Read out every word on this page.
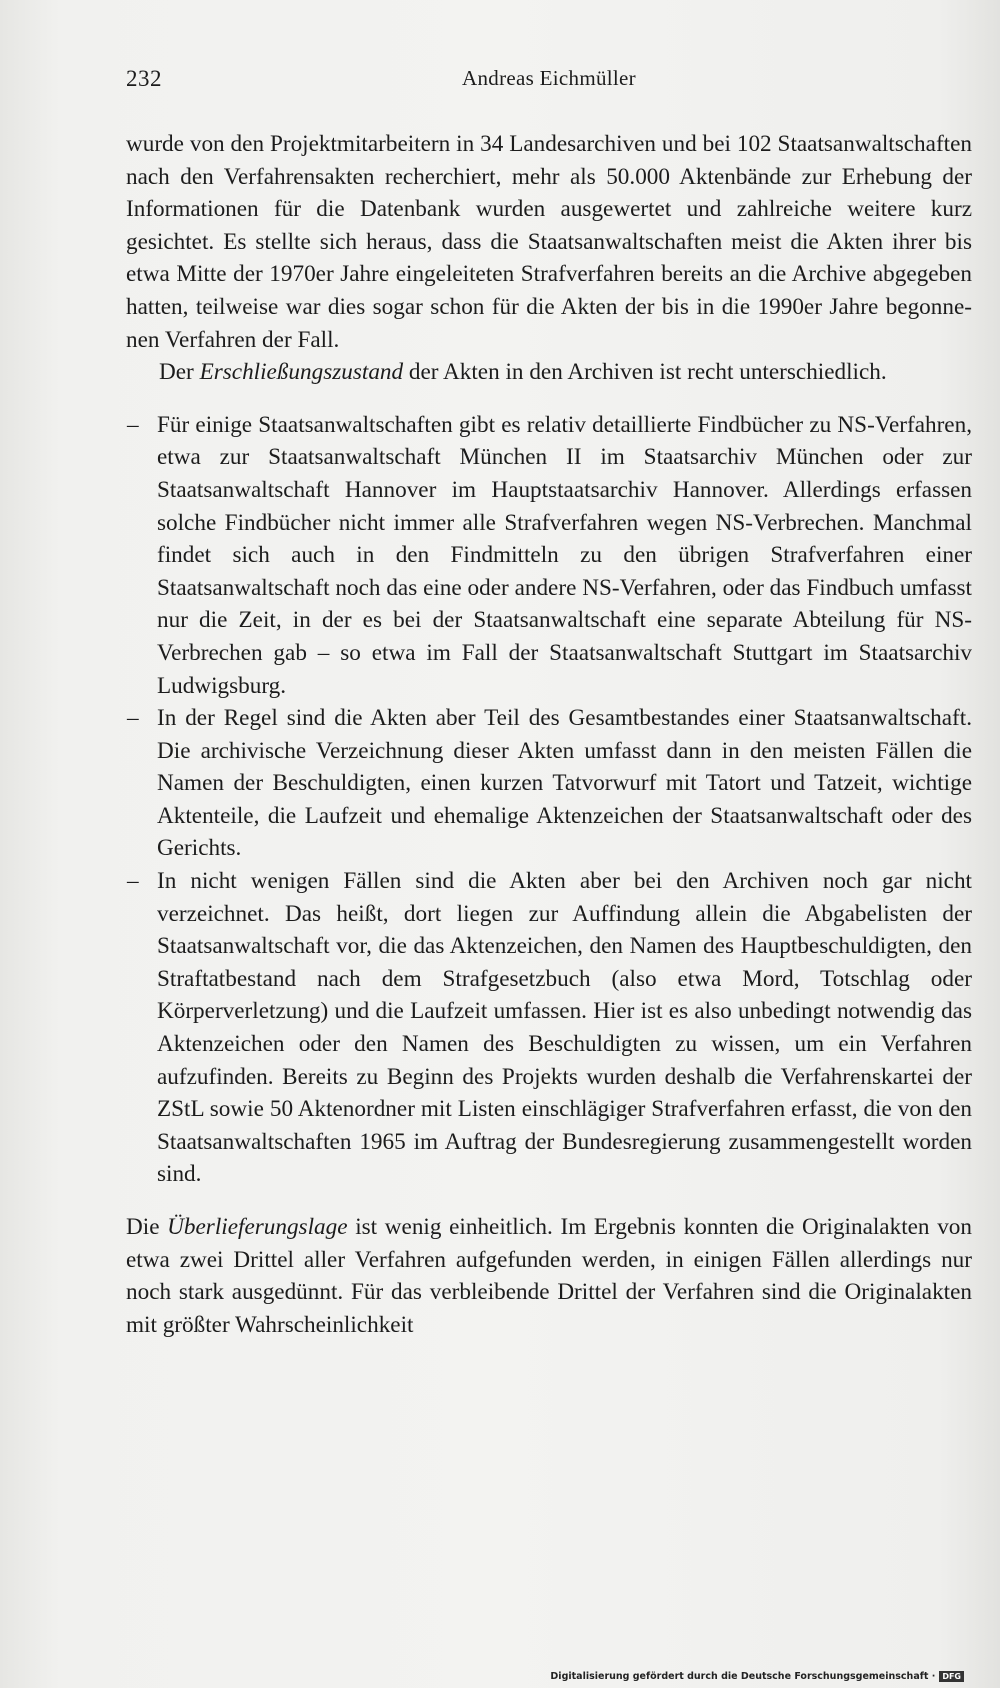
232	Andreas Eichmüller

wurde von den Projektmitarbeitern in 34 Landesarchiven und bei 102 Staatsanwaltschaften nach den Verfahrensakten recherchiert, mehr als 50.000 Aktenbände zur Erhebung der Informationen für die Datenbank wurden ausgewertet und zahlreiche weitere kurz gesichtet. Es stellte sich heraus, dass die Staatsanwaltschaften meist die Akten ihrer bis etwa Mitte der 1970er Jahre eingeleiteten Strafverfahren bereits an die Archive abgegeben hatten, teilweise war dies sogar schon für die Akten der bis in die 1990er Jahre begonnenen Verfahren der Fall.

Der Erschließungszustand der Akten in den Archiven ist recht unterschiedlich.

– Für einige Staatsanwaltschaften gibt es relativ detaillierte Findbücher zu NS-Verfahren, etwa zur Staatsanwaltschaft München II im Staatsarchiv München oder zur Staatsanwaltschaft Hannover im Hauptstaatsarchiv Hannover. Allerdings erfassen solche Findbücher nicht immer alle Strafverfahren wegen NS-Verbrechen. Manchmal findet sich auch in den Findmitteln zu den übrigen Strafverfahren einer Staatsanwaltschaft noch das eine oder andere NS-Verfahren, oder das Findbuch umfasst nur die Zeit, in der es bei der Staatsanwaltschaft eine separate Abteilung für NS-Verbrechen gab – so etwa im Fall der Staatsanwaltschaft Stuttgart im Staatsarchiv Ludwigsburg.
– In der Regel sind die Akten aber Teil des Gesamtbestandes einer Staatsanwaltschaft. Die archivische Verzeichnung dieser Akten umfasst dann in den meisten Fällen die Namen der Beschuldigten, einen kurzen Tatvorwurf mit Tatort und Tatzeit, wichtige Aktenteile, die Laufzeit und ehemalige Aktenzeichen der Staatsanwaltschaft oder des Gerichts.
– In nicht wenigen Fällen sind die Akten aber bei den Archiven noch gar nicht verzeichnet. Das heißt, dort liegen zur Auffindung allein die Abgabelisten der Staatsanwaltschaft vor, die das Aktenzeichen, den Namen des Hauptbeschuldigten, den Straftatbestand nach dem Strafgesetzbuch (also etwa Mord, Totschlag oder Körperverletzung) und die Laufzeit umfassen. Hier ist es also unbedingt notwendig das Aktenzeichen oder den Namen des Beschuldigten zu wissen, um ein Verfahren aufzufinden. Bereits zu Beginn des Projekts wurden deshalb die Verfahrenskartei der ZStL sowie 50 Aktenordner mit Listen einschlägiger Strafverfahren erfasst, die von den Staatsanwaltschaften 1965 im Auftrag der Bundesregierung zusammengestellt worden sind.

Die Überlieferungslage ist wenig einheitlich. Im Ergebnis konnten die Originalakten von etwa zwei Drittel aller Verfahren aufgefunden werden, in einigen Fällen allerdings nur noch stark ausgedünnt. Für das verbleibende Drittel der Verfahren sind die Originalakten mit größter Wahrscheinlichkeit

Digitalisierung gefördert durch die Deutsche Forschungsgemeinschaft · DFG
